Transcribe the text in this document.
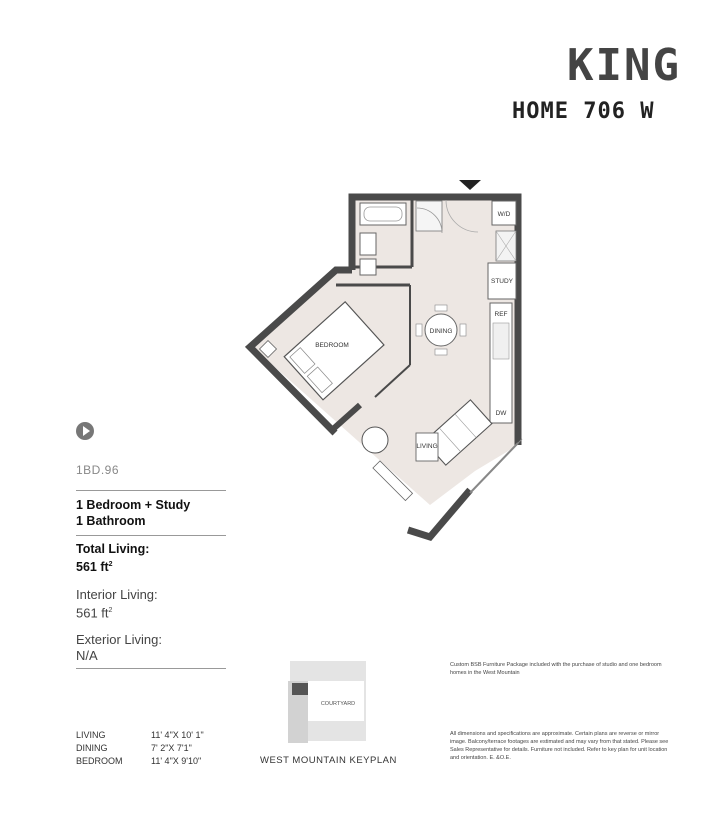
KING
HOME 706 W
W/D
STUDY
REF
DW
DINING
BEDROOM
LIVING
1BD.96
1 Bedroom + Study
1 Bathroom
Total Living:
561 $ft^2$
Interior Living:
561 $ft^2$
Exterior Living:
N/A
LIVING	11' 4"X 10' 1"
DINING	7' 2"X 7'1"
BEDROOM	11' 4"X 9'10"
COURTYARD
WEST MOUNTAIN KEYPLAN
Custom BSB Furniture Package included with the purchase of studio and one bedroom homes in the West Mountain
All dimensions and specifications are approximate. Certain plans are reverse or mirror image. Balcony/terrace footages are estimated and may vary from that stated. Please see Sales Representative for details. Furniture not included. Refer to key plan for unit location and orientation. E. &O.E.
